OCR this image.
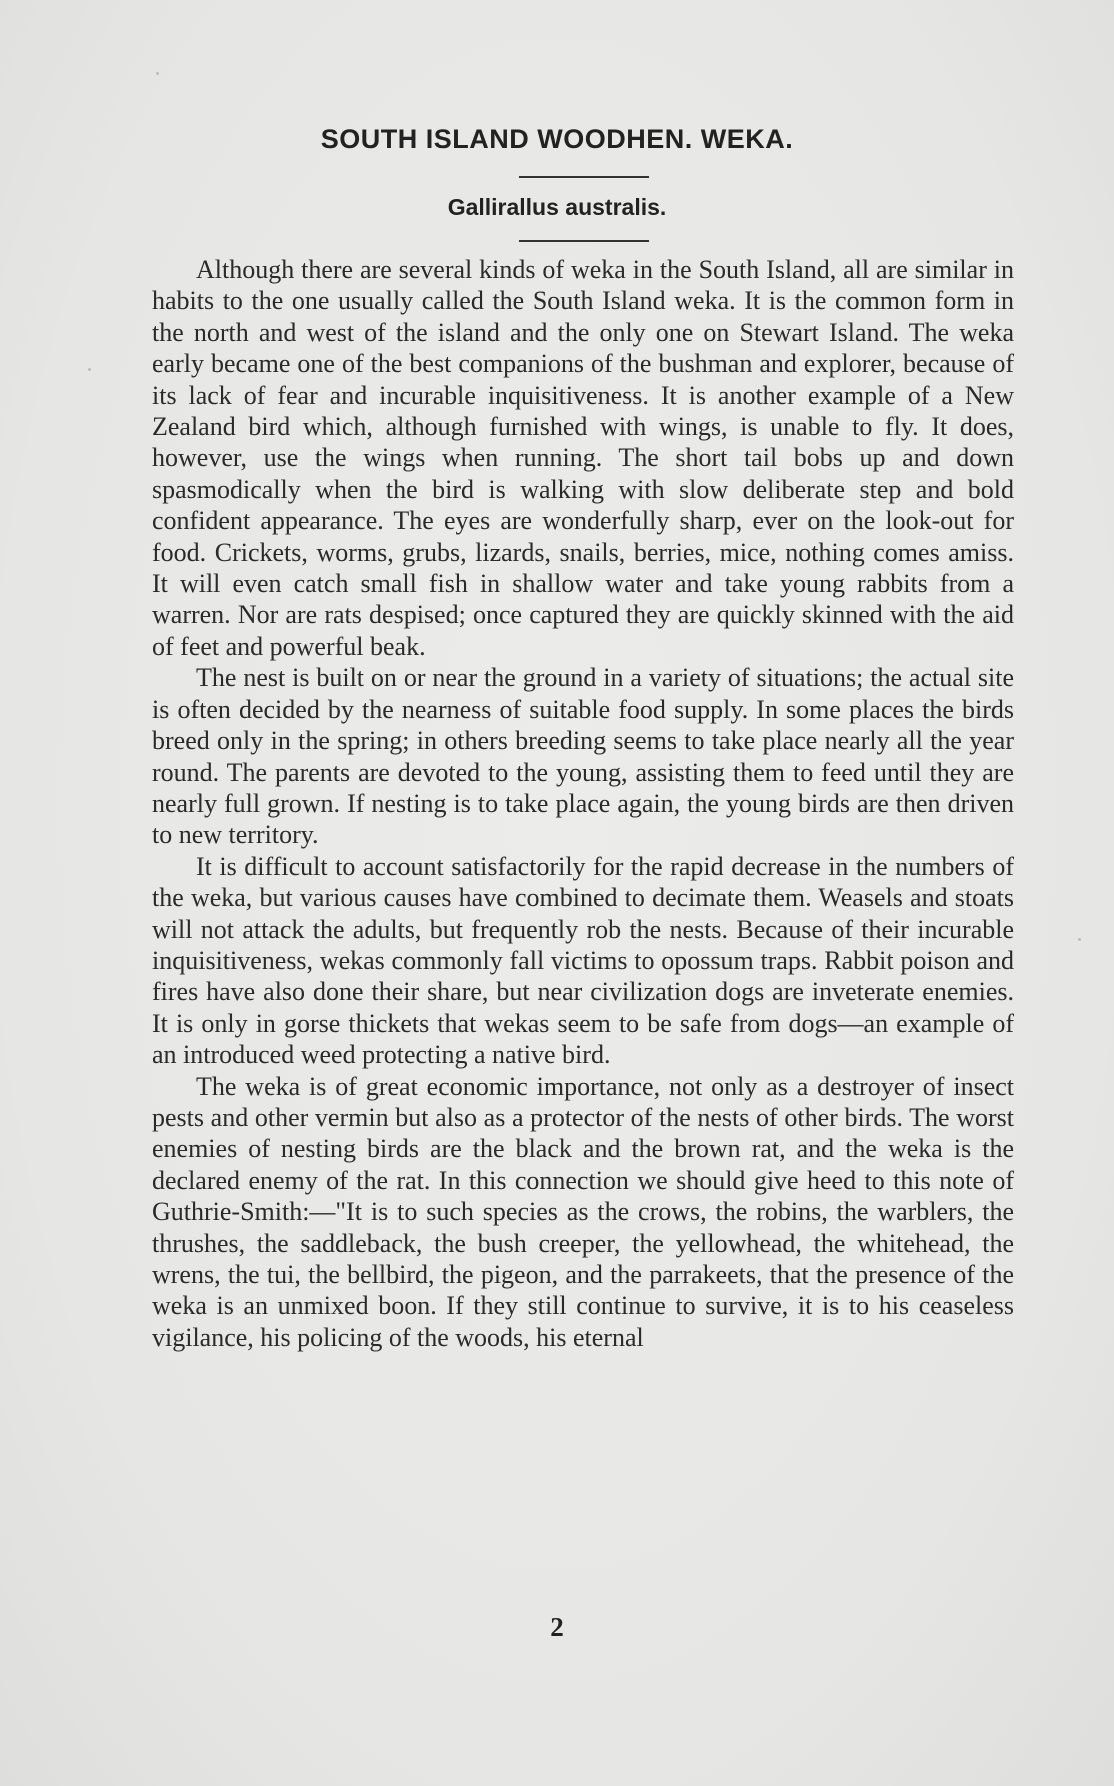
SOUTH ISLAND WOODHEN. WEKA.
Gallirallus australis.

Although there are several kinds of weka in the South Island, all are similar in habits to the one usually called the South Island weka. It is the common form in the north and west of the island and the only one on Stewart Island. The weka early became one of the best companions of the bushman and explorer, because of its lack of fear and incurable inquisitiveness. It is another example of a New Zealand bird which, although furnished with wings, is unable to fly. It does, however, use the wings when running. The short tail bobs up and down spasmodically when the bird is walking with slow deliberate step and bold confident appearance. The eyes are wonderfully sharp, ever on the look-out for food. Crickets, worms, grubs, lizards, snails, berries, mice, nothing comes amiss. It will even catch small fish in shallow water and take young rabbits from a warren. Nor are rats despised; once captured they are quickly skinned with the aid of feet and powerful beak.

The nest is built on or near the ground in a variety of situations; the actual site is often decided by the nearness of suitable food supply. In some places the birds breed only in the spring; in others breeding seems to take place nearly all the year round. The parents are devoted to the young, assisting them to feed until they are nearly full grown. If nesting is to take place again, the young birds are then driven to new territory.

It is difficult to account satisfactorily for the rapid decrease in the numbers of the weka, but various causes have combined to decimate them. Weasels and stoats will not attack the adults, but frequently rob the nests. Because of their incurable inquisitiveness, wekas commonly fall victims to opossum traps. Rabbit poison and fires have also done their share, but near civilization dogs are inveterate enemies. It is only in gorse thickets that wekas seem to be safe from dogs—an example of an introduced weed protecting a native bird.

The weka is of great economic importance, not only as a destroyer of insect pests and other vermin but also as a protector of the nests of other birds. The worst enemies of nesting birds are the black and the brown rat, and the weka is the declared enemy of the rat. In this connection we should give heed to this note of Guthrie-Smith:—"It is to such species as the crows, the robins, the warblers, the thrushes, the saddleback, the bush creeper, the yellowhead, the whitehead, the wrens, the tui, the bellbird, the pigeon, and the parrakeets, that the presence of the weka is an unmixed boon. If they still continue to survive, it is to his ceaseless vigilance, his policing of the woods, his eternal

2
